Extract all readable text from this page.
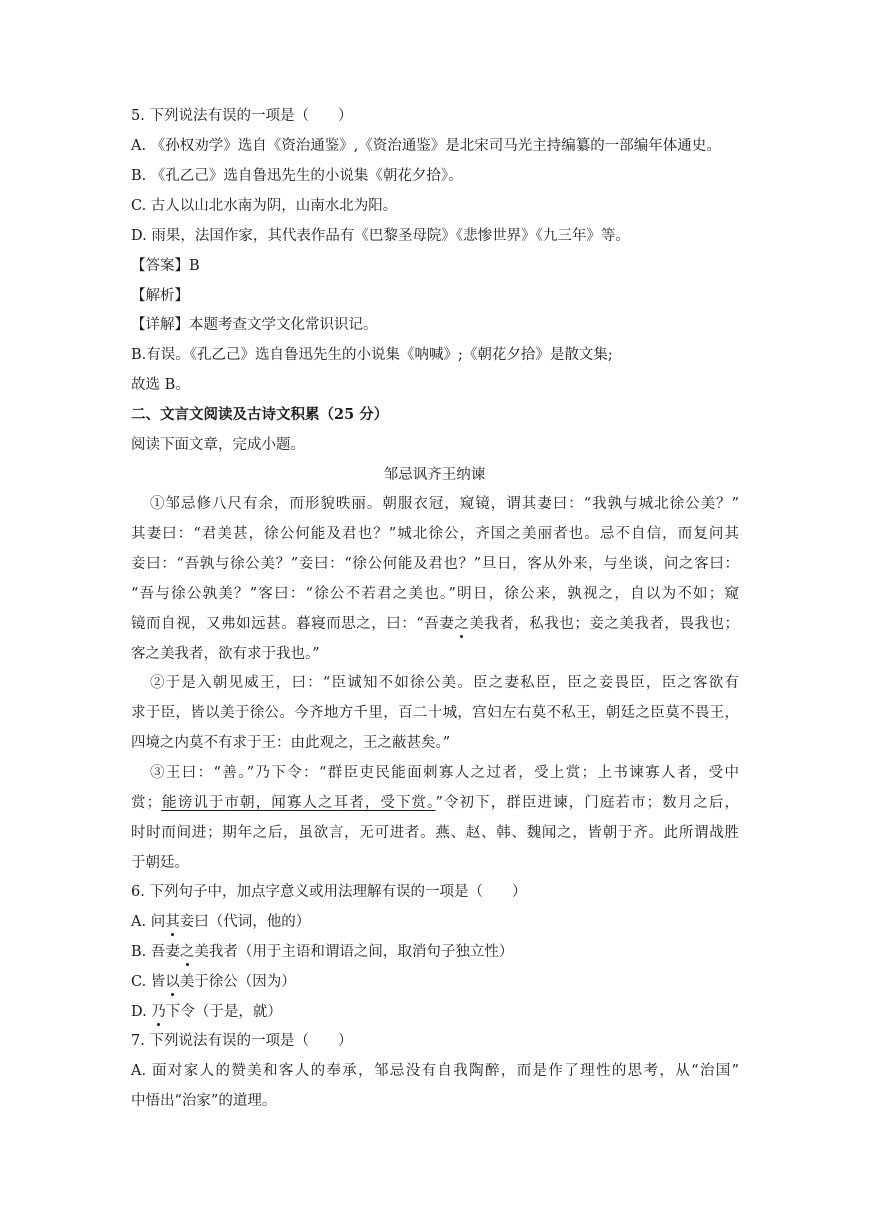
5. 下列说法有误的一项是（　　）
A. 《孙权劝学》选自《资治通鉴》,《资治通鉴》是北宋司马光主持编纂的一部编年体通史。
B. 《孔乙己》选自鲁迅先生的小说集《朝花夕拾》。
C. 古人以山北水南为阴，山南水北为阳。
D. 雨果，法国作家，其代表作品有《巴黎圣母院》《悲惨世界》《九三年》等。
【答案】B
【解析】
【详解】本题考查文学文化常识识记。
B.有误。《孔乙己》选自鲁迅先生的小说集《呐喊》;《朝花夕拾》是散文集;
故选 B。
二、文言文阅读及古诗文积累（25 分）
阅读下面文章，完成小题。
邹忌讽齐王纳谏
①邹忌修八尺有余，而形貌昳丽。朝服衣冠，窥镜，谓其妻曰：“我孰与城北徐公美？”
其妻曰：“君美甚，徐公何能及君也？”城北徐公，齐国之美丽者也。忌不自信，而复问其
妾曰：“吾孰与徐公美？”妾曰：“徐公何能及君也？”旦日，客从外来，与坐谈，问之客曰：
“吾与徐公孰美？”客曰：“徐公不若君之美也。”明日，徐公来，孰视之，自以为不如；窥
镜而自视，又弗如远甚。暮寝而思之，曰：“吾妻之美我者，私我也；妾之美我者，畏我也；
客之美我者，欲有求于我也。”
②于是入朝见威王，曰：“臣诚知不如徐公美。臣之妻私臣，臣之妾畏臣，臣之客欲有
求于臣，皆以美于徐公。今齐地方千里，百二十城，宫妇左右莫不私王，朝廷之臣莫不畏王，
四境之内莫不有求于王：由此观之，王之蔽甚矣。”
③王曰：“善。”乃下令：“群臣吏民能面刺寡人之过者，受上赏；上书谏寡人者，受中
赏；能谤讥于市朝，闻寡人之耳者，受下赏。”令初下，群臣进谏，门庭若市；数月之后，
时时而间进；期年之后，虽欲言，无可进者。燕、赵、韩、魏闻之，皆朝于齐。此所谓战胜
于朝廷。
6. 下列句子中，加点字意义或用法理解有误的一项是（　　）
A. 问其妾曰（代词，他的）
B. 吾妻之美我者（用于主语和谓语之间，取消句子独立性）
C. 皆以美于徐公（因为）
D. 乃下令（于是，就）
7. 下列说法有误的一项是（　　）
A. 面对家人的赞美和客人的奉承，邹忌没有自我陶醉，而是作了理性的思考，从“治国”
中悟出“治家”的道理。
